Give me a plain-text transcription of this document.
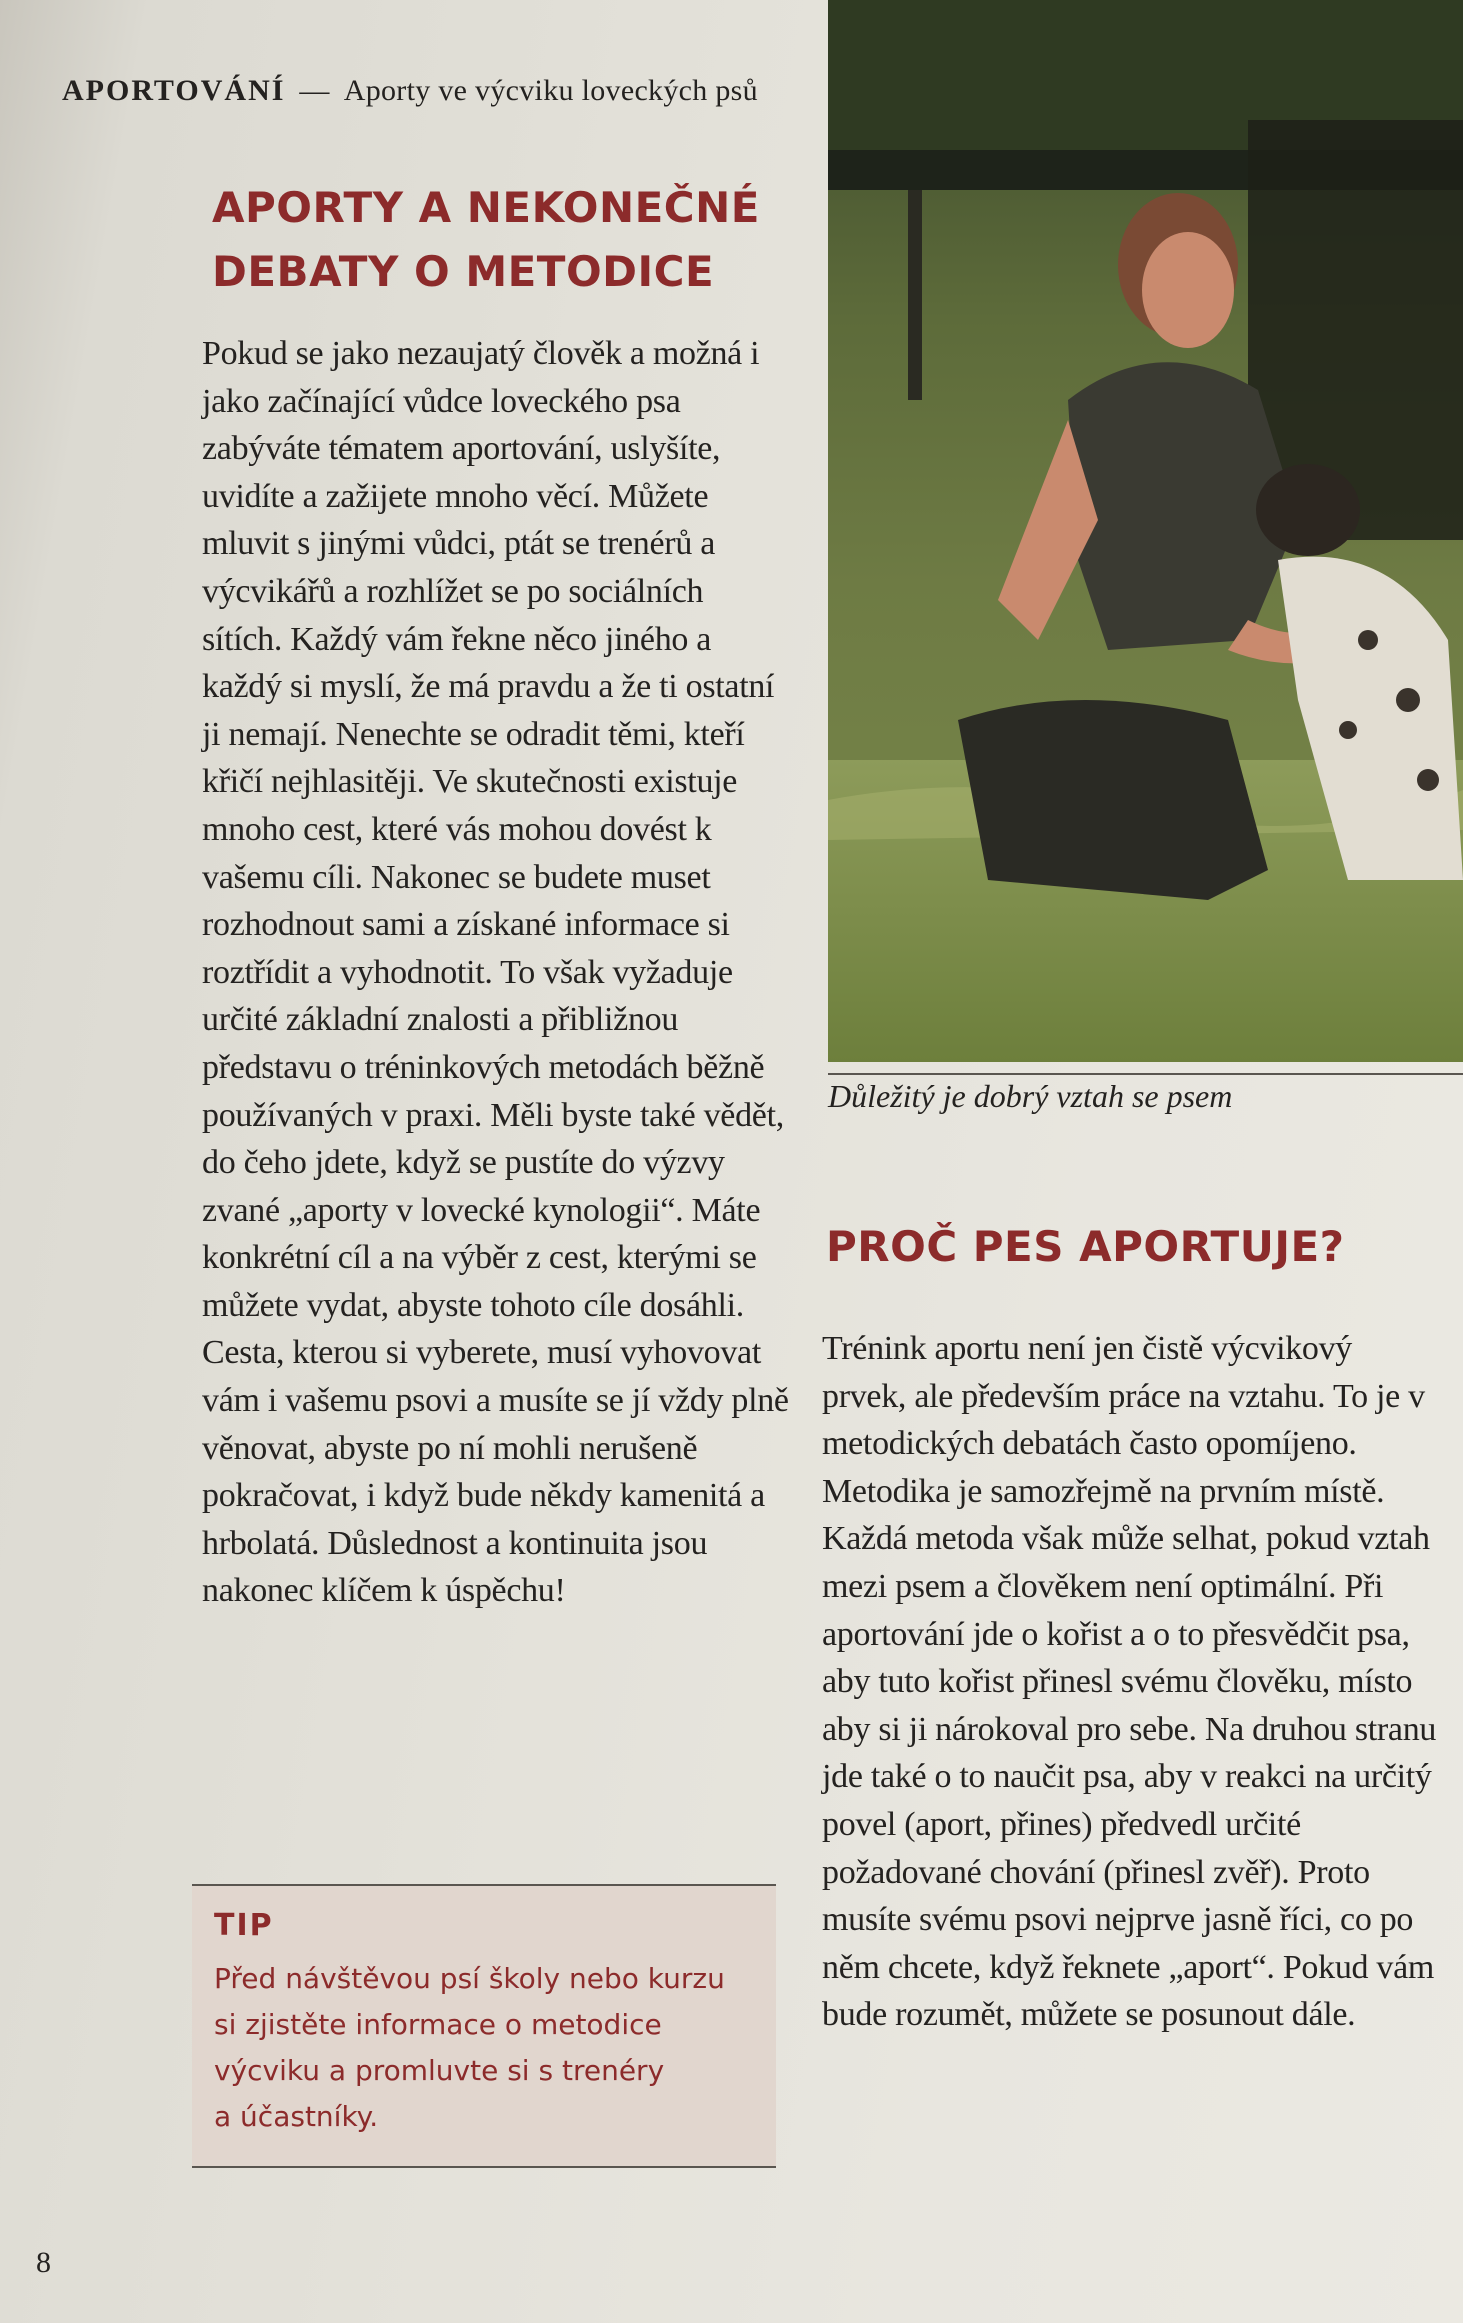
APORTOVÁNÍ — Aporty ve výcviku loveckých psů
APORTY A NEKONEČNÉ
DEBATY O METODICE

Pokud se jako nezaujatý člověk a možná i jako začínající vůdce loveckého psa zabýváte tématem aportování, uslyšíte, uvidíte a zažijete mnoho věcí. Můžete mluvit s jinými vůdci, ptát se trenérů a výcvikářů a rozhlížet se po sociálních sítích. Každý vám řekne něco jiného a každý si myslí, že má pravdu a že ti ostatní ji nemají. Nenechte se odradit těmi, kteří křičí nejhlasitěji. Ve skutečnosti existuje mnoho cest, které vás mohou dovést k vašemu cíli. Nakonec se budete muset rozhodnout sami a získané informace si roztřídit a vyhodnotit. To však vyžaduje určité základní znalosti a přibližnou představu o tréninkových metodách běžně používaných v praxi. Měli byste také vědět, do čeho jdete, když se pustíte do výzvy zvané „aporty v lovecké kynologii“. Máte konkrétní cíl a na výběr z cest, kterými se můžete vydat, abyste tohoto cíle dosáhli. Cesta, kterou si vyberete, musí vyhovovat vám i vašemu psovi a musíte se jí vždy plně věnovat, abyste po ní mohli nerušeně pokračovat, i když bude někdy kamenitá a hrbolatá. Důslednost a kontinuita jsou nakonec klíčem k úspěchu!

Důležitý je dobrý vztah se psem
PROČ PES APORTUJE?

Trénink aportu není jen čistě výcvikový prvek, ale především práce na vztahu. To je v metodických debatách často opomíjeno. Metodika je samozřejmě na prvním místě. Každá metoda však může selhat, pokud vztah mezi psem a člověkem není optimální. Při aportování jde o kořist a o to přesvědčit psa, aby tuto kořist přinesl svému člověku, místo aby si ji nárokoval pro sebe. Na druhou stranu jde také o to naučit psa, aby v reakci na určitý povel (aport, přines) předvedl určité požadované chování (přinesl zvěř). Proto musíte svému psovi nejprve jasně říci, co po něm chcete, když řeknete „aport“. Pokud vám bude rozumět, můžete se posunout dále.

TIP
Před návštěvou psí školy nebo kurzu
si zjistěte informace o metodice
výcviku a promluvte si s trenéry
a účastníky.
8
